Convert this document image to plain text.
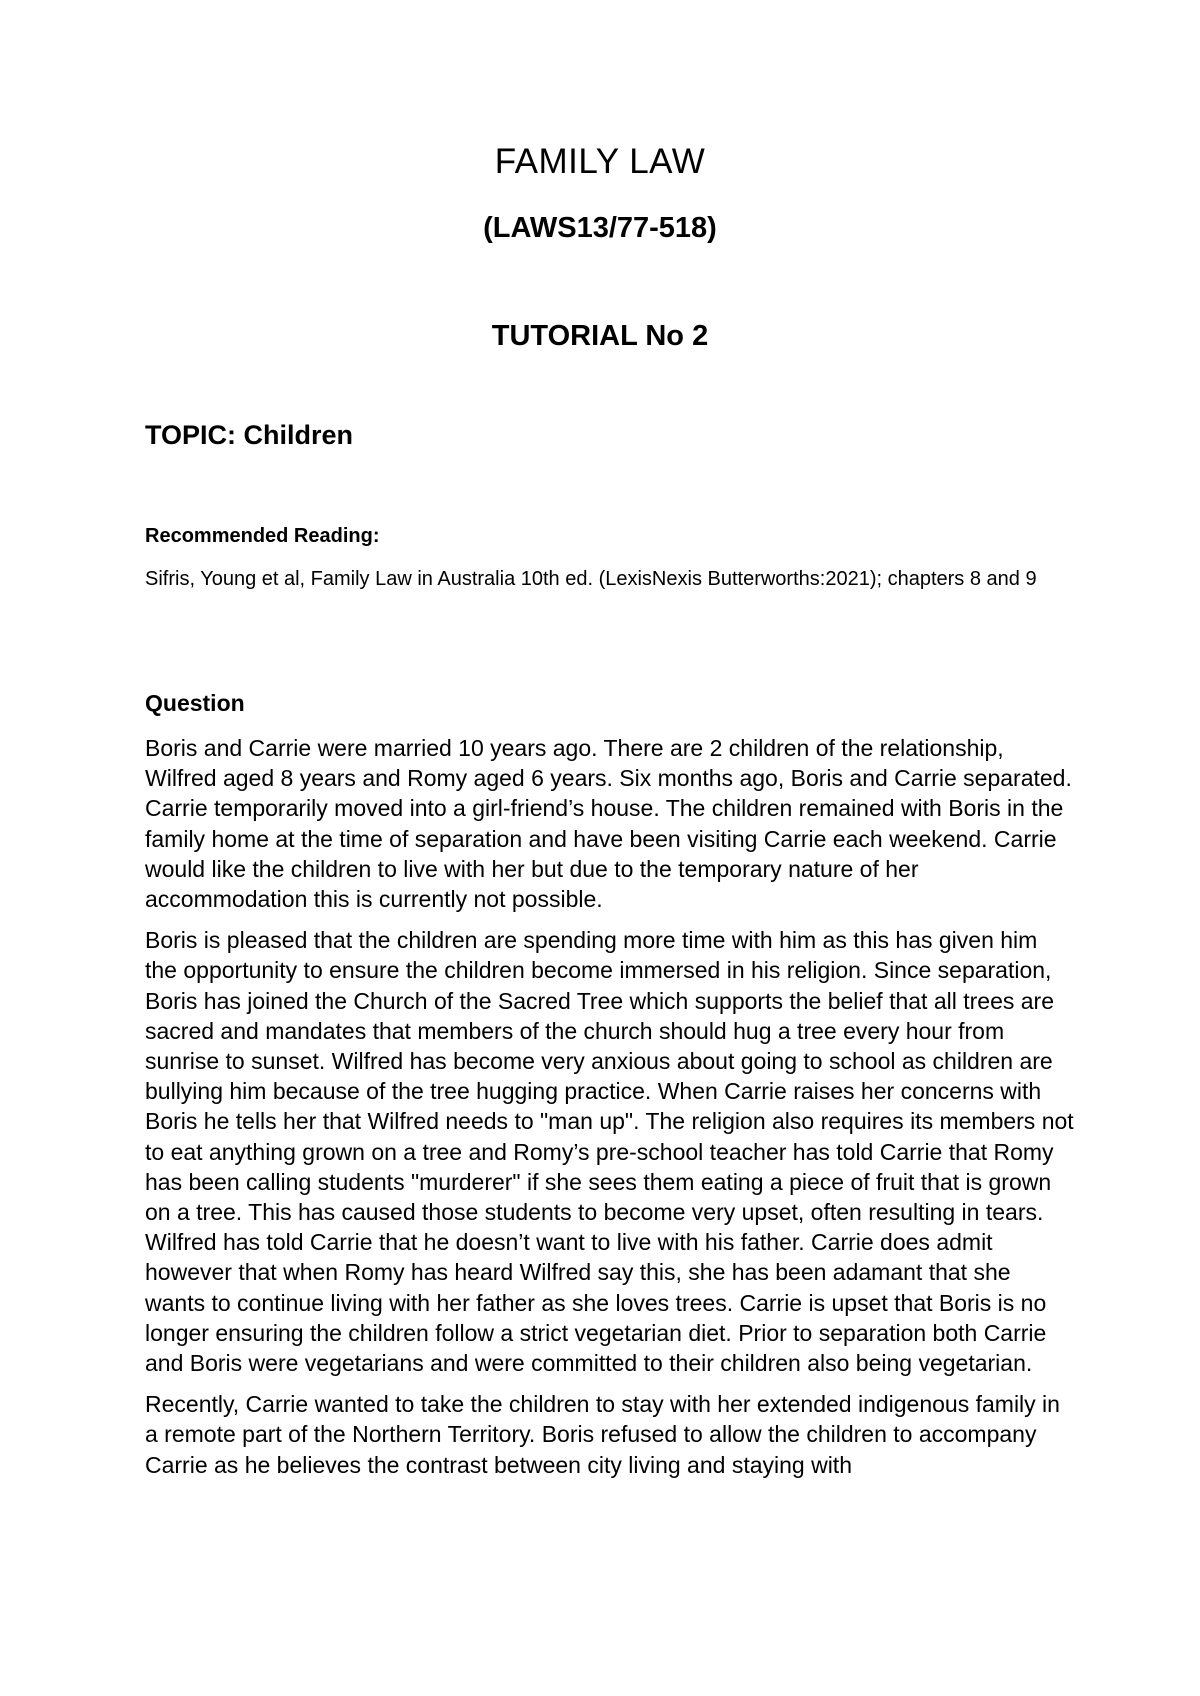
FAMILY LAW
(LAWS13/77-518)
TUTORIAL No 2
TOPIC: Children
Recommended Reading:

Sifris, Young et al, Family Law in Australia 10th ed. (LexisNexis Butterworths:2021); chapters 8 and 9

Question

Boris and Carrie were married 10 years ago. There are 2 children of the relationship, Wilfred aged 8 years and Romy aged 6 years. Six months ago, Boris and Carrie separated. Carrie temporarily moved into a girl-friend’s house. The children remained with Boris in the family home at the time of separation and have been visiting Carrie each weekend. Carrie would like the children to live with her but due to the temporary nature of her accommodation this is currently not possible.

Boris is pleased that the children are spending more time with him as this has given him the opportunity to ensure the children become immersed in his religion. Since separation, Boris has joined the Church of the Sacred Tree which supports the belief that all trees are sacred and mandates that members of the church should hug a tree every hour from sunrise to sunset. Wilfred has become very anxious about going to school as children are bullying him because of the tree hugging practice. When Carrie raises her concerns with Boris he tells her that Wilfred needs to "man up". The religion also requires its members not to eat anything grown on a tree and Romy’s pre-school teacher has told Carrie that Romy has been calling students "murderer" if she sees them eating a piece of fruit that is grown on a tree. This has caused those students to become very upset, often resulting in tears. Wilfred has told Carrie that he doesn’t want to live with his father. Carrie does admit however that when Romy has heard Wilfred say this, she has been adamant that she wants to continue living with her father as she loves trees. Carrie is upset that Boris is no longer ensuring the children follow a strict vegetarian diet. Prior to separation both Carrie and Boris were vegetarians and were committed to their children also being vegetarian.

Recently, Carrie wanted to take the children to stay with her extended indigenous family in a remote part of the Northern Territory. Boris refused to allow the children to accompany Carrie as he believes the contrast between city living and staying with
